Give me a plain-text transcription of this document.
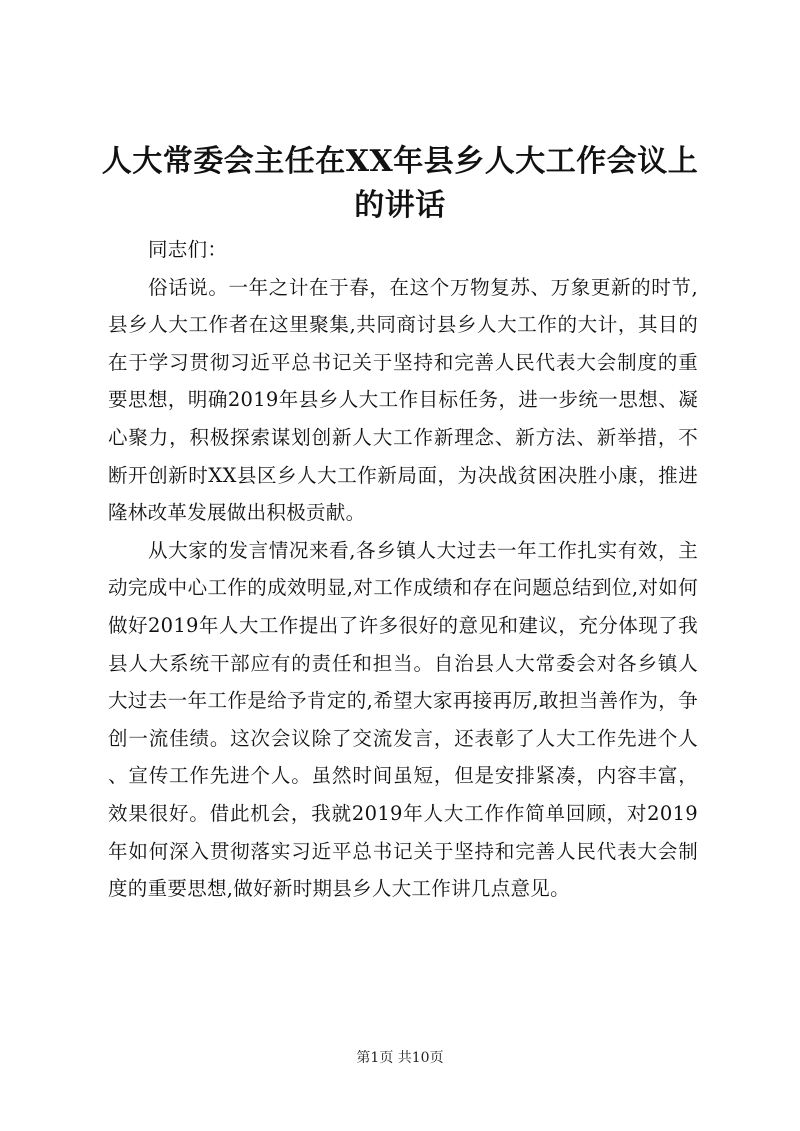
人大常委会主任在XX年县乡人大工作会议上的讲话

同志们：

俗话说。一年之计在于春，在这个万物复苏、万象更新的时节,县乡人大工作者在这里聚集,共同商讨县乡人大工作的大计，其目的在于学习贯彻习近平总书记关于坚持和完善人民代表大会制度的重要思想，明确2019年县乡人大工作目标任务，进一步统一思想、凝心聚力，积极探索谋划创新人大工作新理念、新方法、新举措，不断开创新时XX县区乡人大工作新局面，为决战贫困决胜小康，推进隆林改革发展做出积极贡献。

从大家的发言情况来看,各乡镇人大过去一年工作扎实有效，主动完成中心工作的成效明显,对工作成绩和存在问题总结到位,对如何做好2019年人大工作提出了许多很好的意见和建议，充分体现了我县人大系统干部应有的责任和担当。自治县人大常委会对各乡镇人大过去一年工作是给予肯定的,希望大家再接再厉,敢担当善作为，争创一流佳绩。这次会议除了交流发言，还表彰了人大工作先进个人、宣传工作先进个人。虽然时间虽短，但是安排紧凑，内容丰富，效果很好。借此机会，我就2019年人大工作作简单回顾，对2019年如何深入贯彻落实习近平总书记关于坚持和完善人民代表大会制度的重要思想,做好新时期县乡人大工作讲几点意见。

第1页 共10页
